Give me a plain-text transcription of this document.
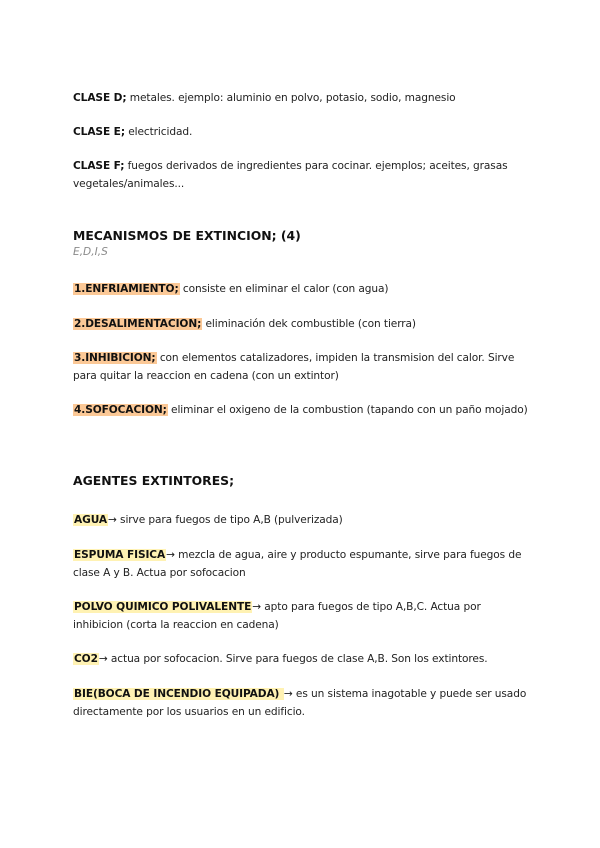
CLASE D; metales. ejemplo: aluminio en polvo, potasio, sodio, magnesio
CLASE E; electricidad.
CLASE F; fuegos derivados de ingredientes para cocinar. ejemplos; aceites, grasas vegetales/animales...
MECANISMOS DE EXTINCION; (4)
E,D,I,S
1.ENFRIAMIENTO; consiste en eliminar el calor (con agua)
2.DESALIMENTACION; eliminación dek combustible (con tierra)
3.INHIBICION; con elementos catalizadores, impiden la transmision del calor. Sirve para quitar la reaccion en cadena (con un extintor)
4.SOFOCACION; eliminar el oxigeno de la combustion (tapando con un paño mojado)
AGENTES EXTINTORES;
AGUA→ sirve para fuegos de tipo A,B (pulverizada)
ESPUMA FISICA→ mezcla de agua, aire y producto espumante, sirve para fuegos de clase A y B. Actua por sofocacion
POLVO QUIMICO POLIVALENTE→ apto para fuegos de tipo A,B,C. Actua por inhibicion (corta la reaccion en cadena)
CO2→ actua por sofocacion. Sirve para fuegos de clase A,B. Son los extintores.
BIE(BOCA DE INCENDIO EQUIPADA) → es un sistema inagotable y puede ser usado directamente por los usuarios en un edificio.
